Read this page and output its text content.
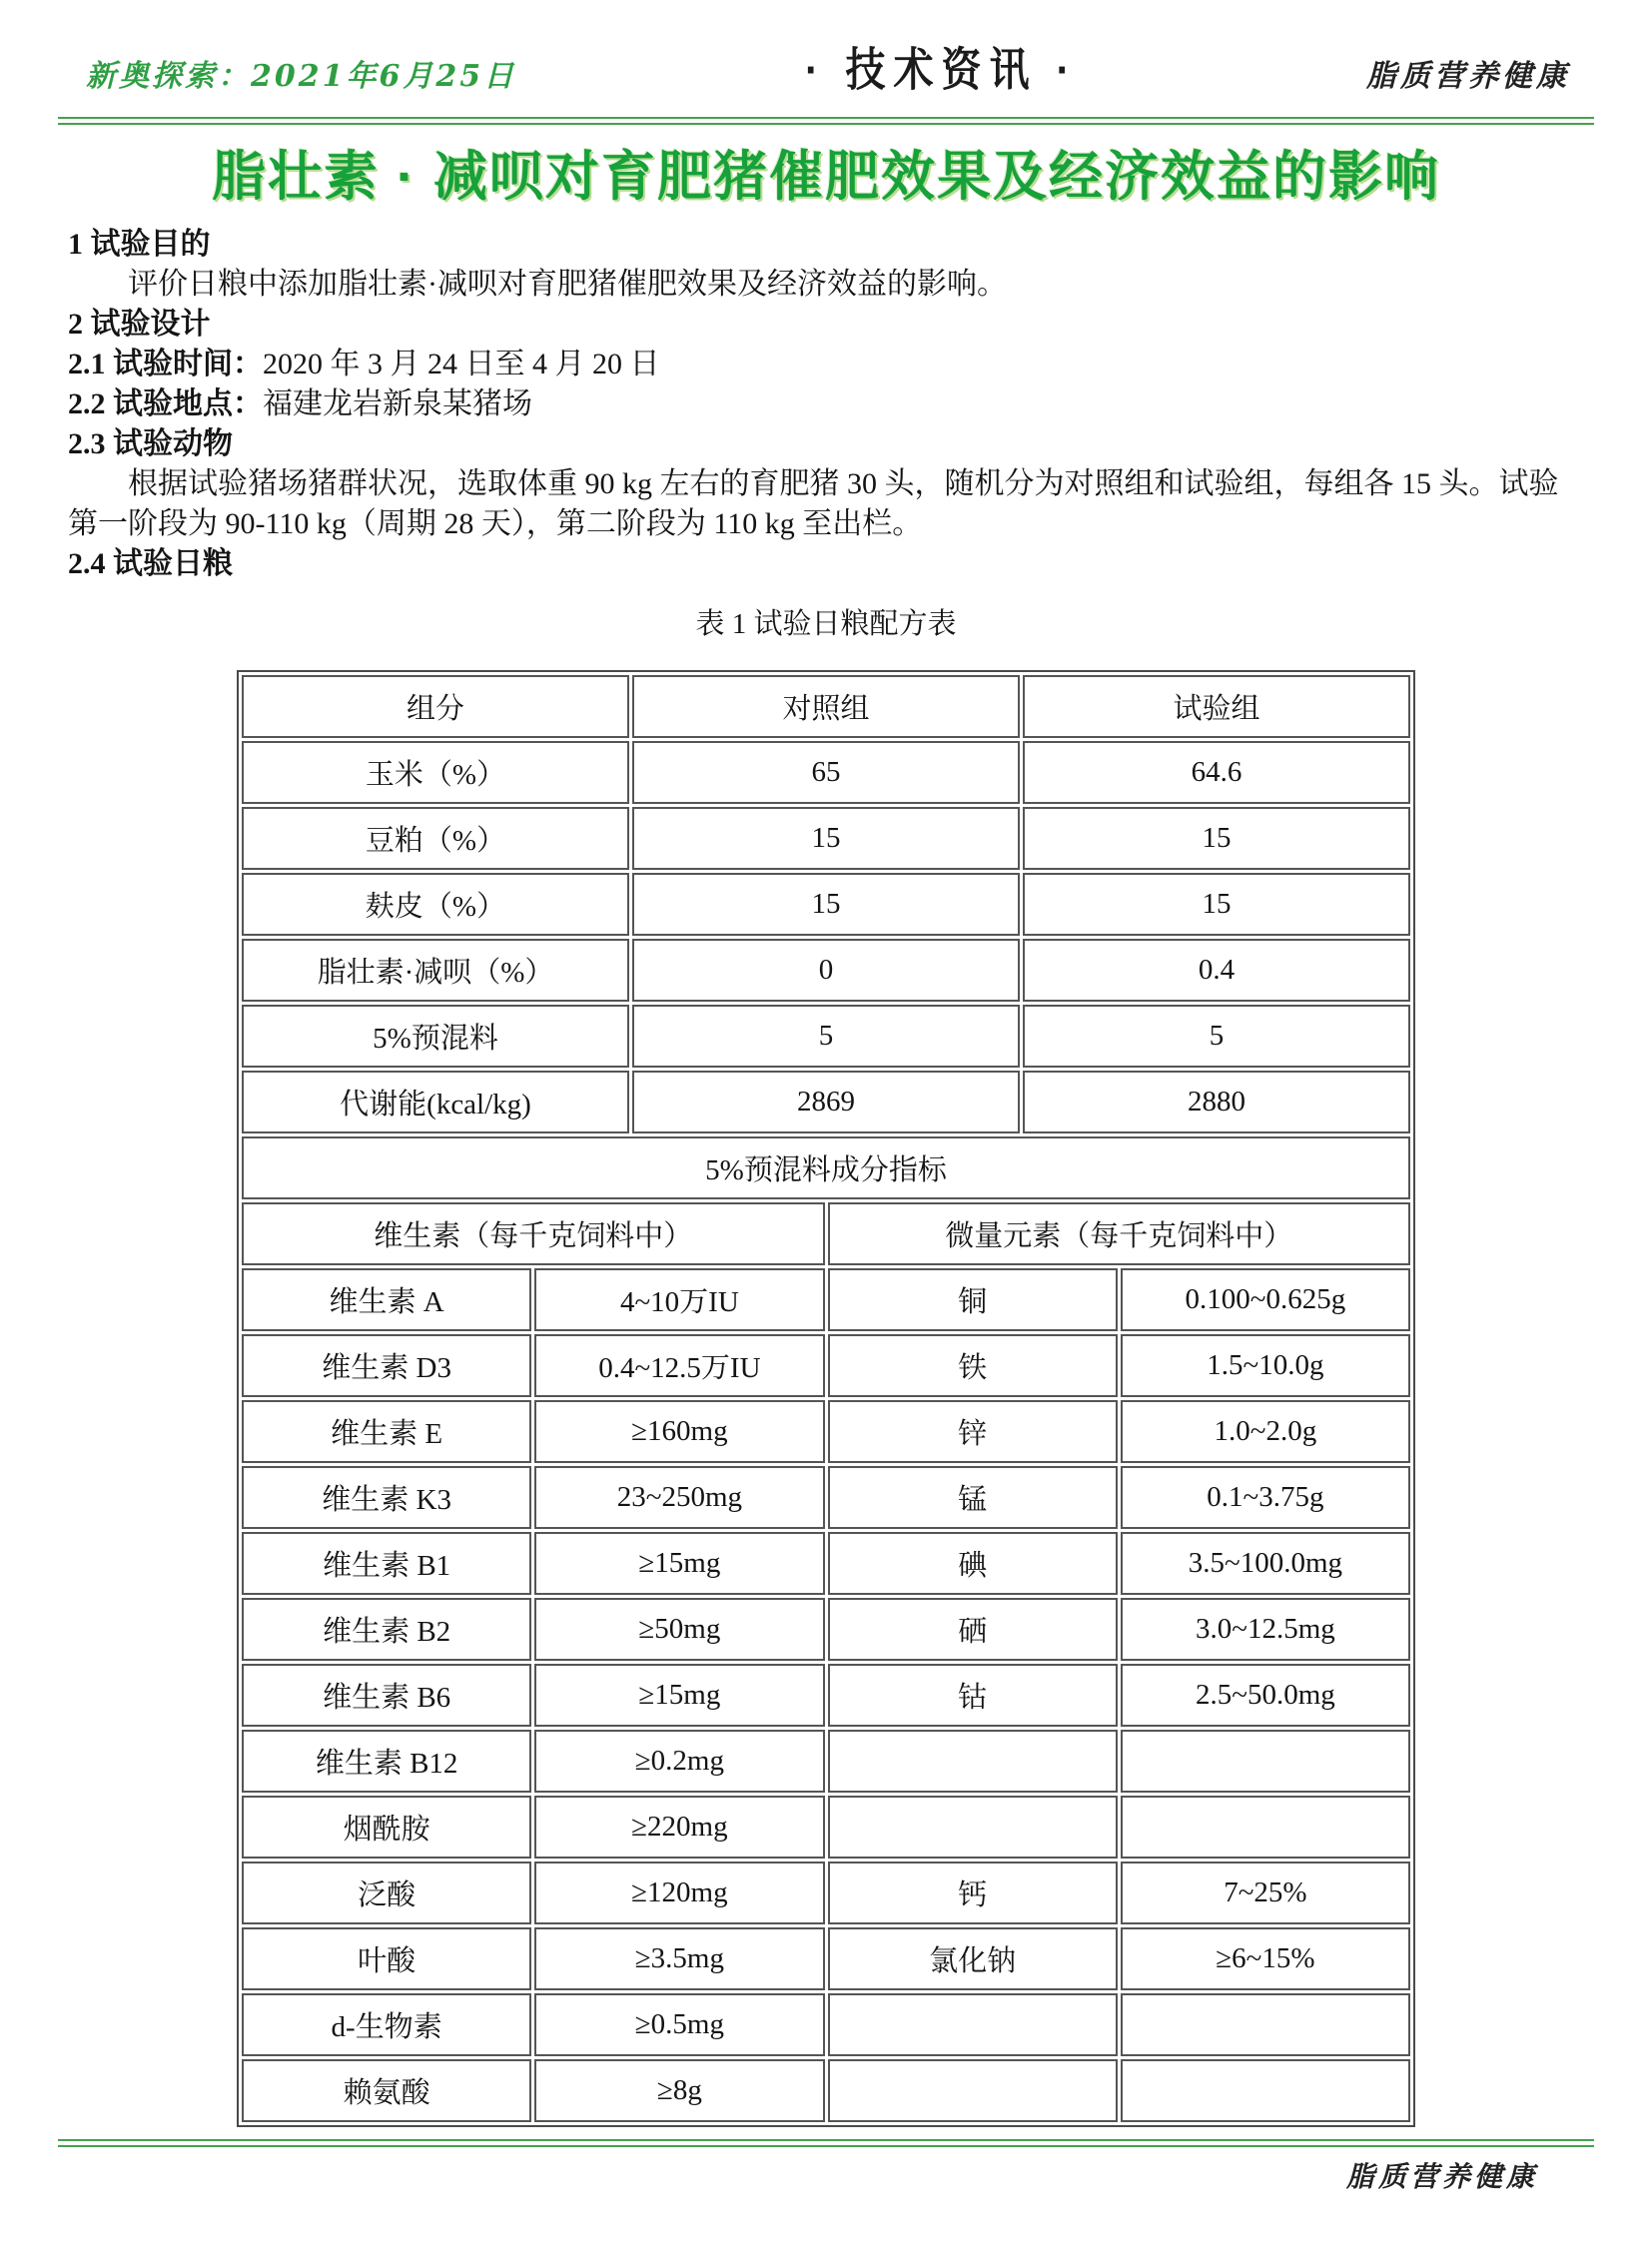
新奥探索：2021年6月25日	· 技术资讯 ·	脂质营养健康
脂壮素 · 减呗对育肥猪催肥效果及经济效益的影响
1 试验目的

评价日粮中添加脂壮素·减呗对育肥猪催肥效果及经济效益的影响。

2 试验设计
2.1 试验时间：2020 年 3 月 24 日至 4 月 20 日
2.2 试验地点：福建龙岩新泉某猪场
2.3 试验动物

根据试验猪场猪群状况，选取体重 90 kg 左右的育肥猪 30 头，随机分为对照组和试验组，每组各 15 头。试验第一阶段为 90-110 kg（周期 28 天），第二阶段为 110 kg 至出栏。

2.4 试验日粮
表 1 试验日粮配方表
组分		对照组		试验组	
玉米（%）		65		64.6	
豆粕（%）		15		15	
麸皮（%）		15		15	
脂壮素·减呗（%）		0		0.4	
5%预混料		5		5	
代谢能(kcal/kg)		2869		2880	
5%预混料成分指标					
维生素（每千克饲料中）			微量元素（每千克饲料中）		
维生素 A	4~10万IU		铜		0.100~0.625g
维生素 D3	0.4~12.5万IU		铁		1.5~10.0g
维生素 E	≥160mg		锌		1.0~2.0g
维生素 K3	23~250mg		锰		0.1~3.75g
维生素 B1	≥15mg		碘		3.5~100.0mg
维生素 B2	≥50mg		硒		3.0~12.5mg
维生素 B6	≥15mg		钴		2.5~50.0mg
维生素 B12	≥0.2mg				
烟酰胺	≥220mg				
泛酸	≥120mg		钙		7~25%
叶酸	≥3.5mg		氯化钠		≥6~15%
d-生物素	≥0.5mg				
赖氨酸	≥8g				
脂质营养健康
